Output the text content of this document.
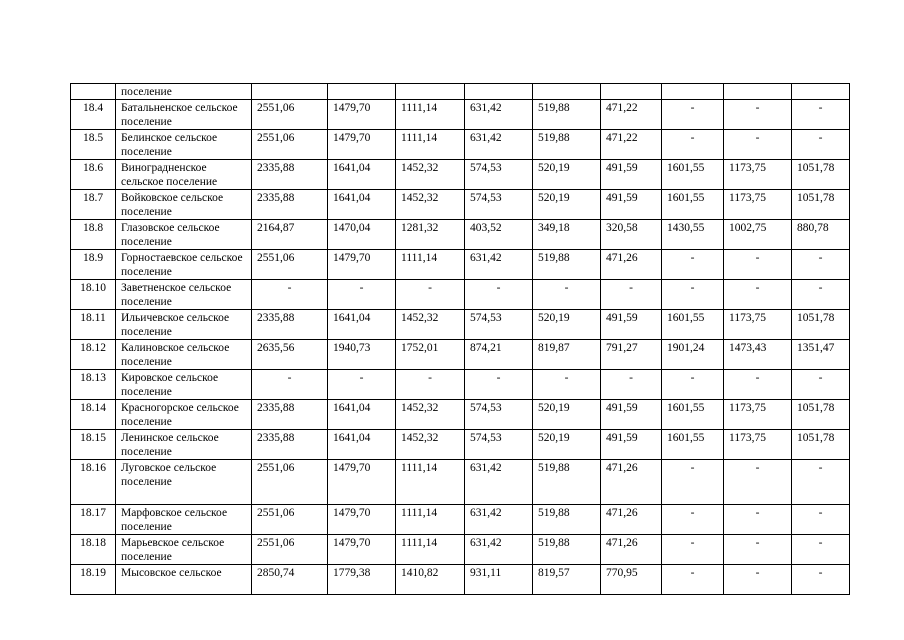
	поселение									
18.4	Батальненское сельское поселение	2551,06	1479,70	1111,14	631,42	519,88	471,22	-	-	-
18.5	Белинское сельское поселение	2551,06	1479,70	1111,14	631,42	519,88	471,22	-	-	-
18.6	Виноградненское сельское поселение	2335,88	1641,04	1452,32	574,53	520,19	491,59	1601,55	1173,75	1051,78
18.7	Войковское сельское поселение	2335,88	1641,04	1452,32	574,53	520,19	491,59	1601,55	1173,75	1051,78
18.8	Глазовское сельское поселение	2164,87	1470,04	1281,32	403,52	349,18	320,58	1430,55	1002,75	880,78
18.9	Горностаевское сельское поселение	2551,06	1479,70	1111,14	631,42	519,88	471,26	-	-	-
18.10	Заветненское сельское поселение	-	-	-	-	-	-	-	-	-
18.11	Ильичевское сельское поселение	2335,88	1641,04	1452,32	574,53	520,19	491,59	1601,55	1173,75	1051,78
18.12	Калиновское сельское поселение	2635,56	1940,73	1752,01	874,21	819,87	791,27	1901,24	1473,43	1351,47
18.13	Кировское сельское поселение	-	-	-	-	-	-	-	-	-
18.14	Красногорское сельское поселение	2335,88	1641,04	1452,32	574,53	520,19	491,59	1601,55	1173,75	1051,78
18.15	Ленинское сельское поселение	2335,88	1641,04	1452,32	574,53	520,19	491,59	1601,55	1173,75	1051,78
18.16	Луговское сельское поселение	2551,06	1479,70	1111,14	631,42	519,88	471,26	-	-	-
18.17	Марфовское сельское поселение	2551,06	1479,70	1111,14	631,42	519,88	471,26	-	-	-
18.18	Марьевское сельское поселение	2551,06	1479,70	1111,14	631,42	519,88	471,26	-	-	-
18.19	Мысовское сельское	2850,74	1779,38	1410,82	931,11	819,57	770,95	-	-	-
